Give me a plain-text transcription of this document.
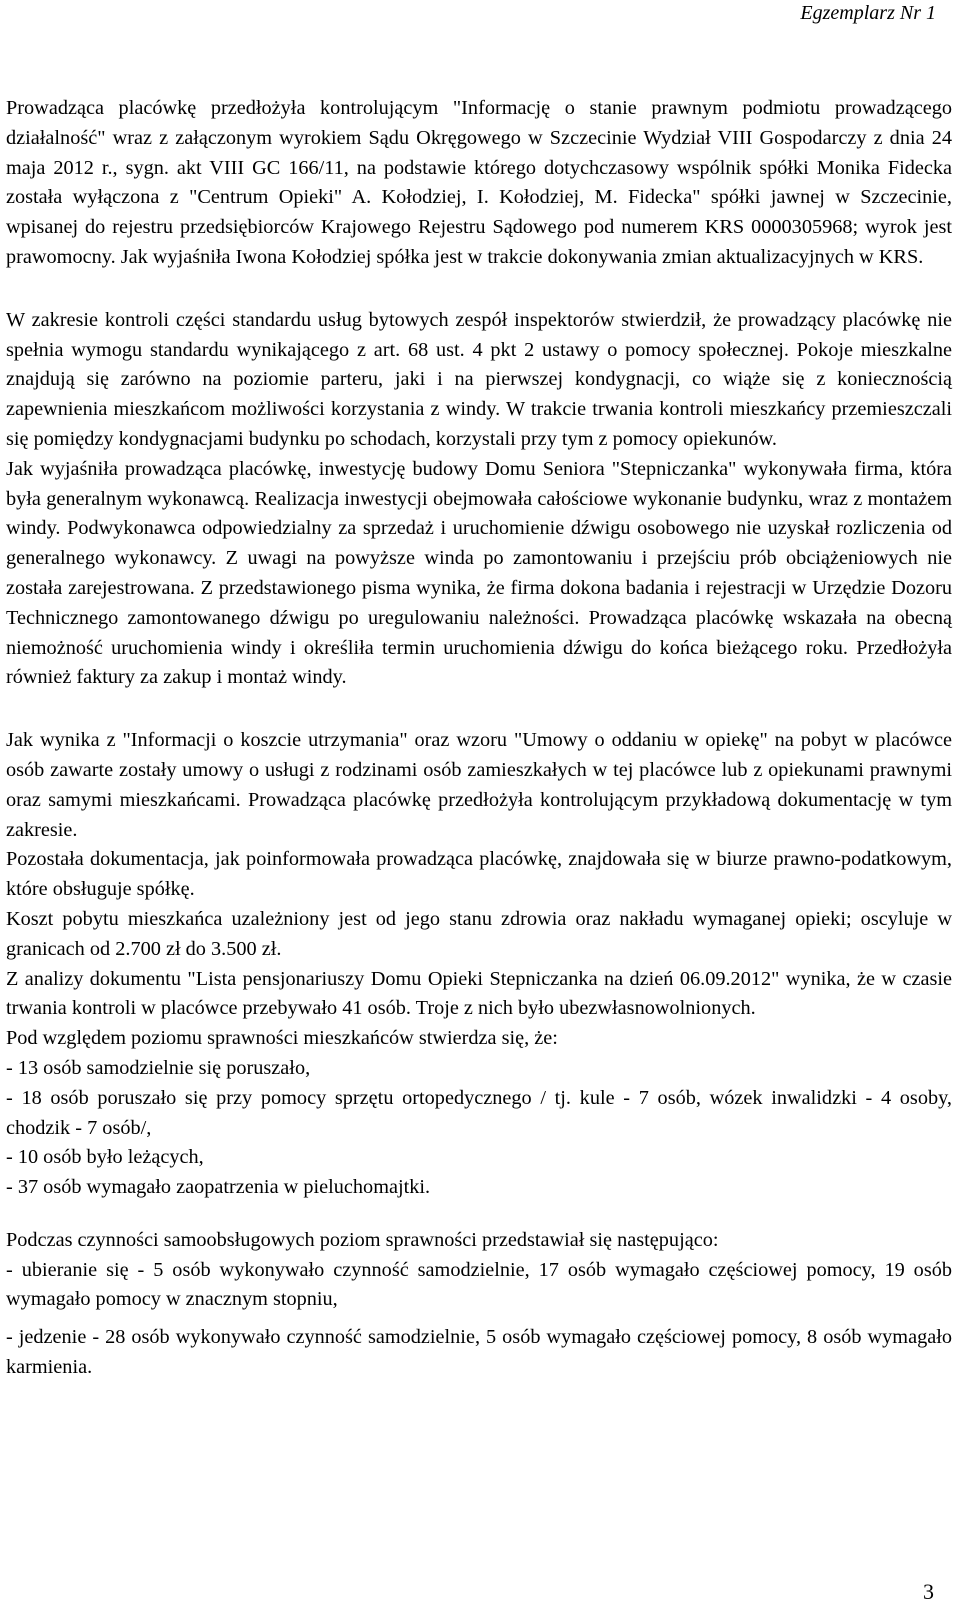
Egzemplarz Nr 1

Prowadząca placówkę przedłożyła kontrolującym "Informację o stanie prawnym podmiotu prowadzącego działalność" wraz z załączonym wyrokiem Sądu Okręgowego w Szczecinie Wydział VIII Gospodarczy z dnia 24 maja 2012 r., sygn. akt VIII GC 166/11, na podstawie którego dotychczasowy wspólnik spółki Monika Fidecka została wyłączona z "Centrum Opieki" A. Kołodziej, I. Kołodziej, M. Fidecka" spółki jawnej w Szczecinie, wpisanej do rejestru przedsiębiorców Krajowego Rejestru Sądowego pod numerem KRS 0000305968; wyrok jest prawomocny. Jak wyjaśniła Iwona Kołodziej spółka jest w trakcie dokonywania zmian aktualizacyjnych w KRS.

W zakresie kontroli części standardu usług bytowych zespół inspektorów stwierdził, że prowadzący placówkę nie spełnia wymogu standardu wynikającego z art. 68 ust. 4 pkt 2 ustawy o pomocy społecznej. Pokoje mieszkalne znajdują się zarówno na poziomie parteru, jaki i na pierwszej kondygnacji, co wiąże się z koniecznością zapewnienia mieszkańcom możliwości korzystania z windy. W trakcie trwania kontroli mieszkańcy przemieszczali się pomiędzy kondygnacjami budynku po schodach, korzystali przy tym z pomocy opiekunów.

Jak wyjaśniła prowadząca placówkę, inwestycję budowy Domu Seniora "Stepniczanka" wykonywała firma, która była generalnym wykonawcą. Realizacja inwestycji obejmowała całościowe wykonanie budynku, wraz z montażem windy. Podwykonawca odpowiedzialny za sprzedaż i uruchomienie dźwigu osobowego nie uzyskał rozliczenia od generalnego wykonawcy. Z uwagi na powyższe winda po zamontowaniu i przejściu prób obciążeniowych nie została zarejestrowana. Z przedstawionego pisma wynika, że firma dokona badania i rejestracji w Urzędzie Dozoru Technicznego zamontowanego dźwigu po uregulowaniu należności. Prowadząca placówkę wskazała na obecną niemożność uruchomienia windy i określiła termin uruchomienia dźwigu do końca bieżącego roku. Przedłożyła również faktury za zakup i montaż windy.

Jak wynika z "Informacji o koszcie utrzymania" oraz wzoru "Umowy o oddaniu w opiekę" na pobyt w placówce osób zawarte zostały umowy o usługi z rodzinami osób zamieszkałych w tej placówce lub z opiekunami prawnymi oraz samymi mieszkańcami. Prowadząca placówkę przedłożyła kontrolującym przykładową dokumentację w tym zakresie.

Pozostała dokumentacja, jak poinformowała prowadząca placówkę, znajdowała się w biurze prawno-podatkowym, które obsługuje spółkę.

Koszt pobytu mieszkańca uzależniony jest od jego stanu zdrowia oraz nakładu wymaganej opieki; oscyluje w granicach od 2.700 zł do 3.500 zł.

Z analizy dokumentu "Lista pensjonariuszy Domu Opieki Stepniczanka na dzień 06.09.2012" wynika, że w czasie trwania kontroli w placówce przebywało 41 osób. Troje z nich było ubezwłasnowolnionych.

Pod względem poziomu sprawności mieszkańców stwierdza się, że:

- 13 osób samodzielnie się poruszało,

- 18 osób poruszało się przy pomocy sprzętu ortopedycznego / tj. kule - 7 osób, wózek inwalidzki - 4 osoby, chodzik - 7 osób/,

- 10 osób było leżących,

- 37 osób wymagało zaopatrzenia w pieluchomajtki.

Podczas czynności samoobsługowych poziom sprawności przedstawiał się następująco:

- ubieranie się - 5 osób wykonywało czynność samodzielnie, 17 osób wymagało częściowej pomocy, 19 osób wymagało pomocy w znacznym stopniu,

- jedzenie - 28 osób wykonywało czynność samodzielnie, 5 osób wymagało częściowej pomocy, 8 osób wymagało karmienia.

3
